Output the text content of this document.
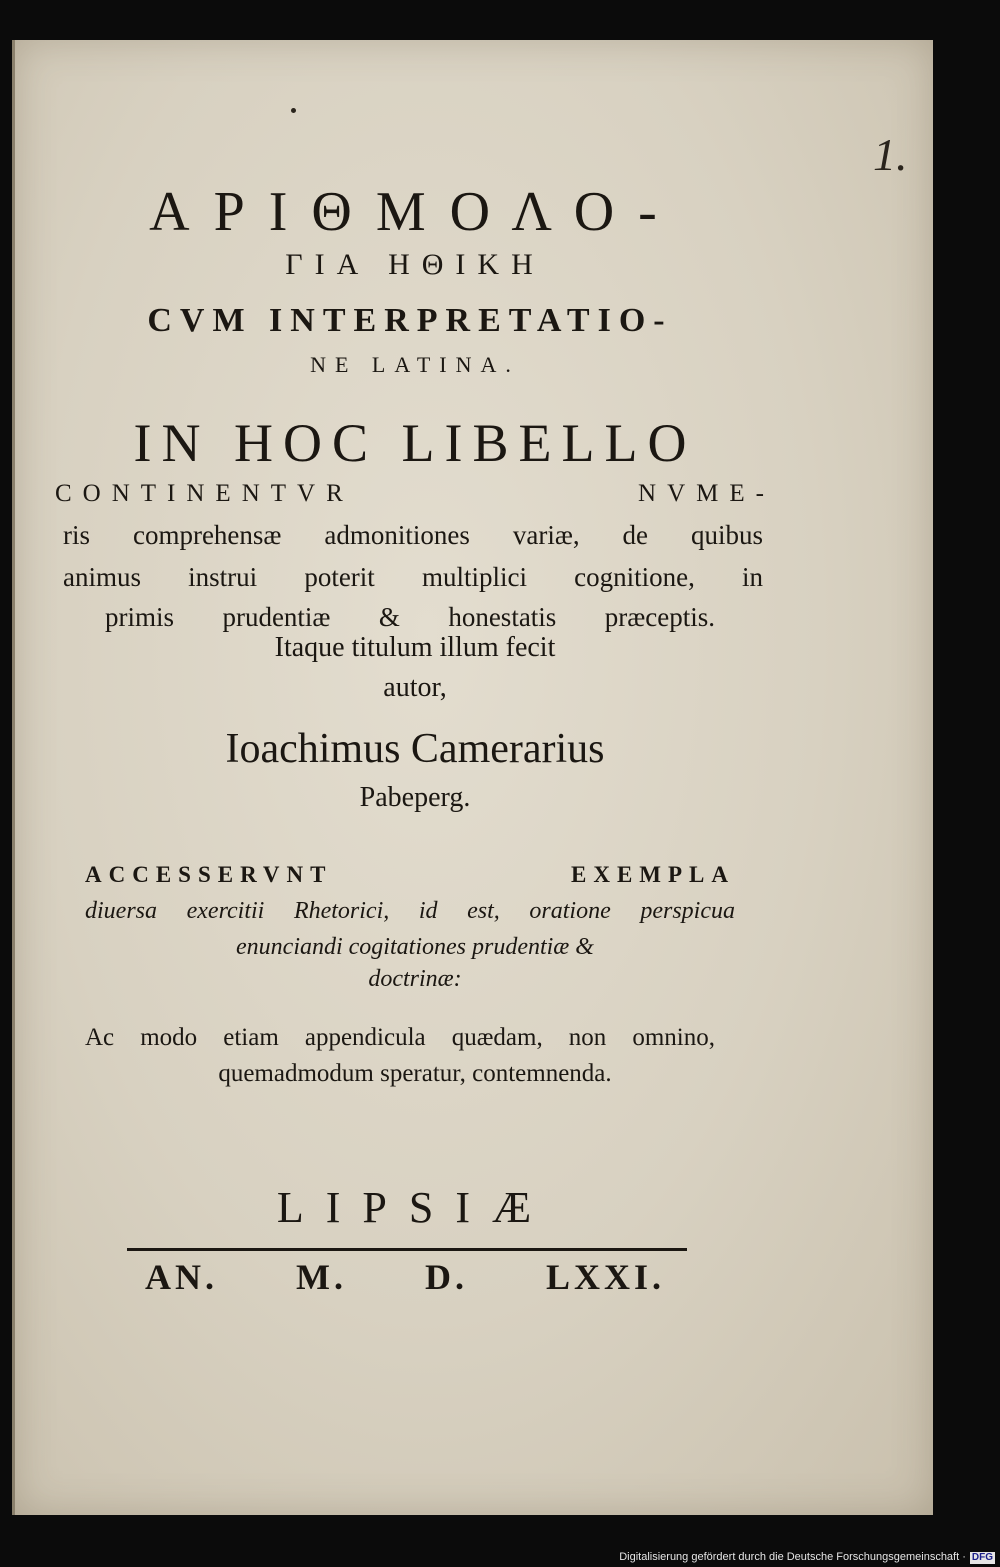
1.
ΑΡΙΘΜΟΛΟ-
ΓΙΑ ΗΘΙΚΗ
CVM INTERPRETATIO-
NE LATINA.
IN HOC LIBELLO
CONTINENTVR NVME-
ris comprehensæ admonitiones variæ, de quibus
animus instrui poterit multiplici cognitione, in
primis prudentiæ & honestatis præceptis.
Itaque titulum illum fecit
autor,
Ioachimus Camerarius
Pabeperg.
ACCESSERVNT EXEMPLA
diuersa exercitii Rhetorici, id est, oratione perspicua
enunciandi cogitationes prudentiæ &
doctrinæ:
Ac modo etiam appendicula quædam, non omnino,
quemadmodum speratur, contemnenda.
LIPSIÆ
AN. M. D. LXXI.
Digitalisierung gefördert durch die Deutsche Forschungsgemeinschaft · DFG
